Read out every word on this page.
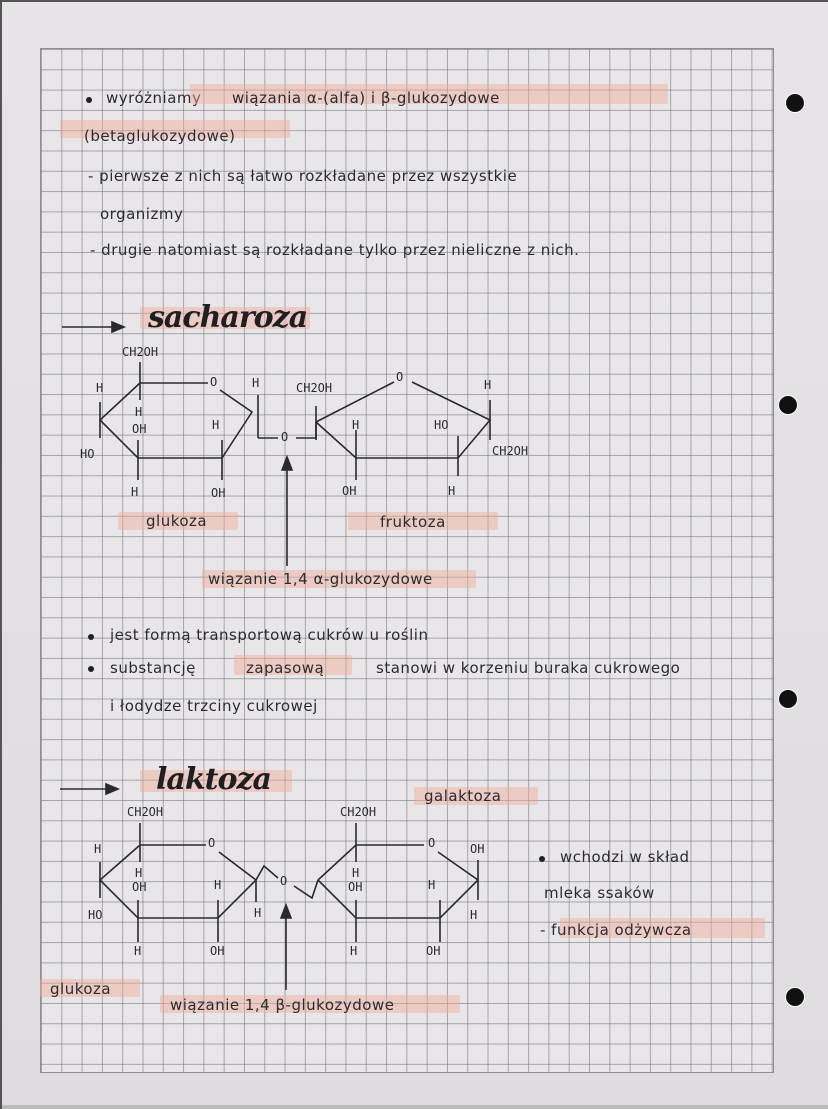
wyróżniamy wiązania α-(alfa) i β-glukozydowe
(betaglukozydowe)
- pierwsze z nich są łatwo rozkładane przez wszystkie
organizmy
- drugie natomiast są rozkładane tylko przez nieliczne z nich.
sacharoza
CH2OH
O
H
H
OH
HO
H
H
H	OH
O
CH2OH
O
H	HO
H
CH2OH
OH	H
glukoza	fruktoza
wiązanie 1,4 α-glukozydowe
jest formą transportową cukrów u roślin
substancję	zapasową	stanowi w korzeniu buraka cukrowego
i łodydze trzciny cukrowej
laktoza	galaktoza
CH2OH
O
H
H
OH
HO
H
H
H	OH
O
CH2OH
O	OH
H
OH	H
H
H	OH
glukoza
wiązanie 1,4 β-glukozydowe
wchodzi w skład
mleka ssaków
- funkcja odżywcza
